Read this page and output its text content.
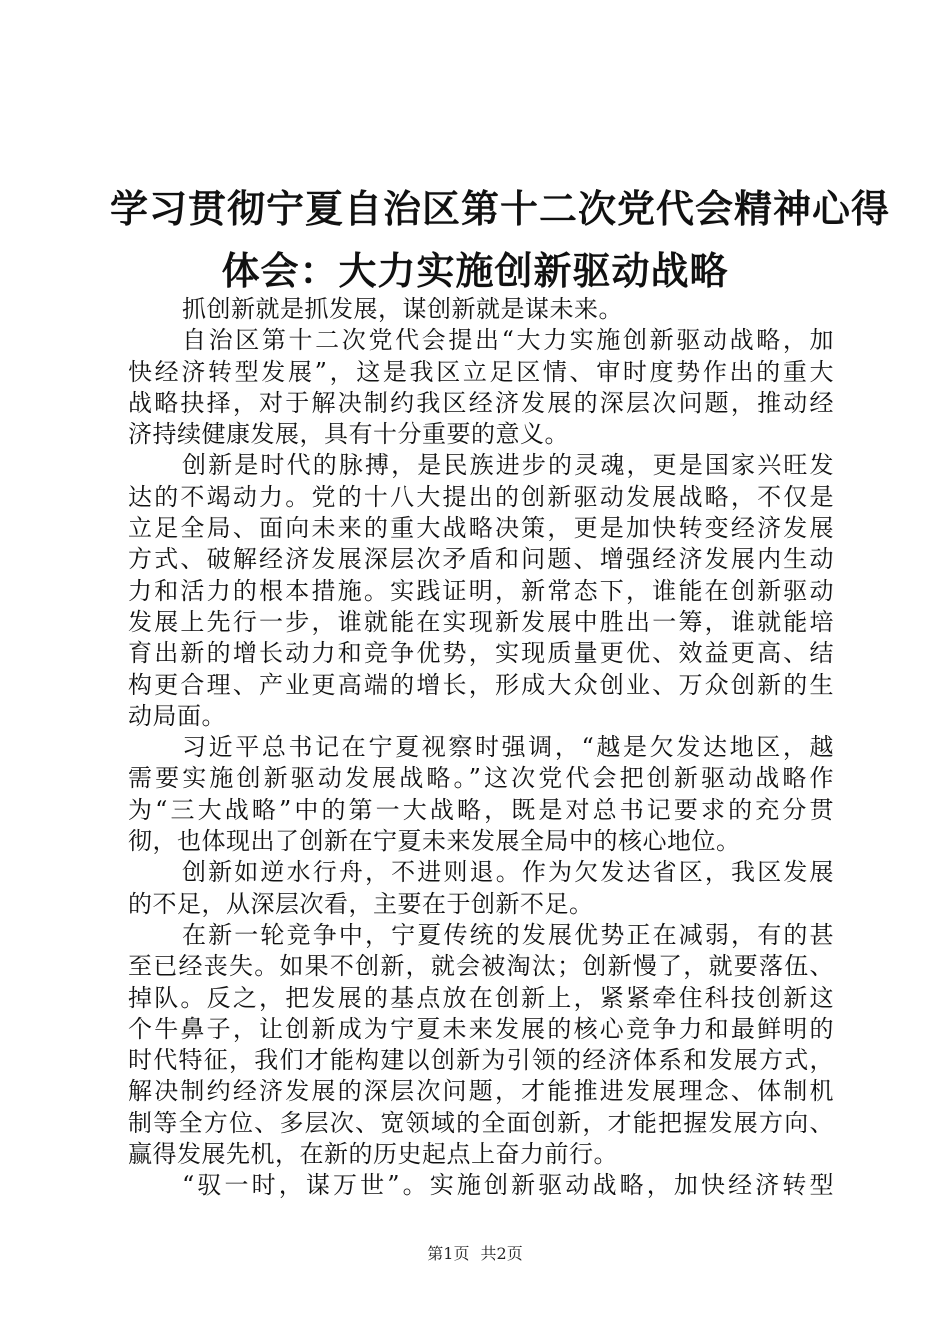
学习贯彻宁夏自治区第十二次党代会精神心得
体会：大力实施创新驱动战略
抓创新就是抓发展，谋创新就是谋未来。
自治区第十二次党代会提出“大力实施创新驱动战略，加
快经济转型发展”，这是我区立足区情、审时度势作出的重大
战略抉择，对于解决制约我区经济发展的深层次问题，推动经
济持续健康发展，具有十分重要的意义。
创新是时代的脉搏，是民族进步的灵魂，更是国家兴旺发
达的不竭动力。党的十八大提出的创新驱动发展战略，不仅是
立足全局、面向未来的重大战略决策，更是加快转变经济发展
方式、破解经济发展深层次矛盾和问题、增强经济发展内生动
力和活力的根本措施。实践证明，新常态下，谁能在创新驱动
发展上先行一步，谁就能在实现新发展中胜出一筹，谁就能培
育出新的增长动力和竞争优势，实现质量更优、效益更高、结
构更合理、产业更高端的增长，形成大众创业、万众创新的生
动局面。
习近平总书记在宁夏视察时强调，“越是欠发达地区，越
需要实施创新驱动发展战略。”这次党代会把创新驱动战略作
为“三大战略”中的第一大战略，既是对总书记要求的充分贯
彻，也体现出了创新在宁夏未来发展全局中的核心地位。
创新如逆水行舟，不进则退。作为欠发达省区，我区发展
的不足，从深层次看，主要在于创新不足。
在新一轮竞争中，宁夏传统的发展优势正在减弱，有的甚
至已经丧失。如果不创新，就会被淘汰；创新慢了，就要落伍、
掉队。反之，把发展的基点放在创新上，紧紧牵住科技创新这
个牛鼻子，让创新成为宁夏未来发展的核心竞争力和最鲜明的
时代特征，我们才能构建以创新为引领的经济体系和发展方式，
解决制约经济发展的深层次问题，才能推进发展理念、体制机
制等全方位、多层次、宽领域的全面创新，才能把握发展方向、
赢得发展先机，在新的历史起点上奋力前行。
“驭一时，谋万世”。实施创新驱动战略，加快经济转型
第1页 共2页
